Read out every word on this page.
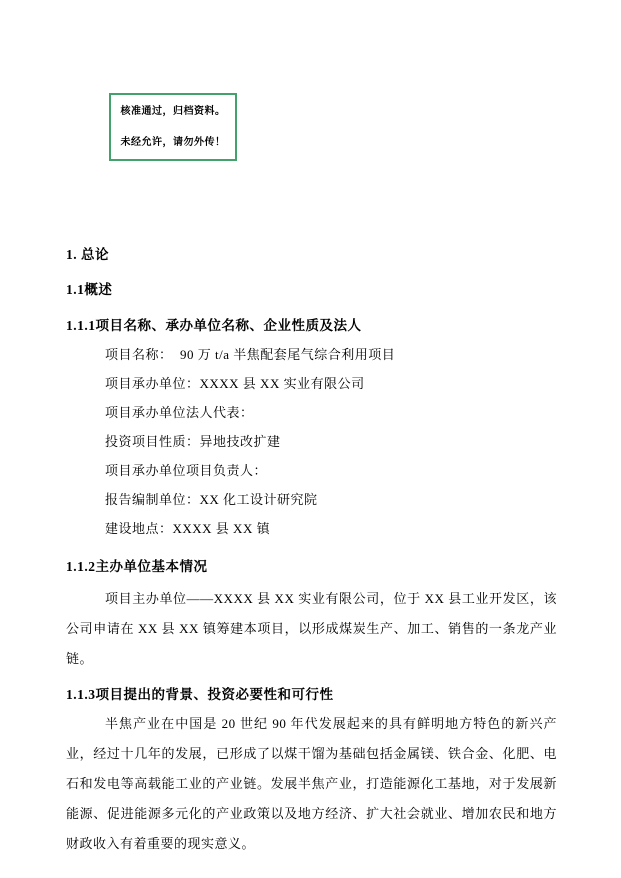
核准通过，归档资料。
未经允许，请勿外传！
1. 总论
1.1概述
1.1.1项目名称、承办单位名称、企业性质及法人
项目名称：  90 万 t/a 半焦配套尾气综合利用项目
项目承办单位：XXXX 县 XX 实业有限公司
项目承办单位法人代表：
投资项目性质：异地技改扩建
项目承办单位项目负责人：
报告编制单位：XX 化工设计研究院
建设地点：XXXX 县 XX 镇
1.1.2主办单位基本情况
项目主办单位——XXXX 县 XX 实业有限公司，位于 XX 县工业开发区，该公司申请在 XX 县 XX 镇筹建本项目，以形成煤炭生产、加工、销售的一条龙产业链。
1.1.3项目提出的背景、投资必要性和可行性
半焦产业在中国是 20 世纪 90 年代发展起来的具有鲜明地方特色的新兴产业，经过十几年的发展，已形成了以煤干馏为基础包括金属镁、铁合金、化肥、电石和发电等高载能工业的产业链。发展半焦产业，打造能源化工基地，对于发展新能源、促进能源多元化的产业政策以及地方经济、扩大社会就业、增加农民和地方财政收入有着重要的现实意义。
